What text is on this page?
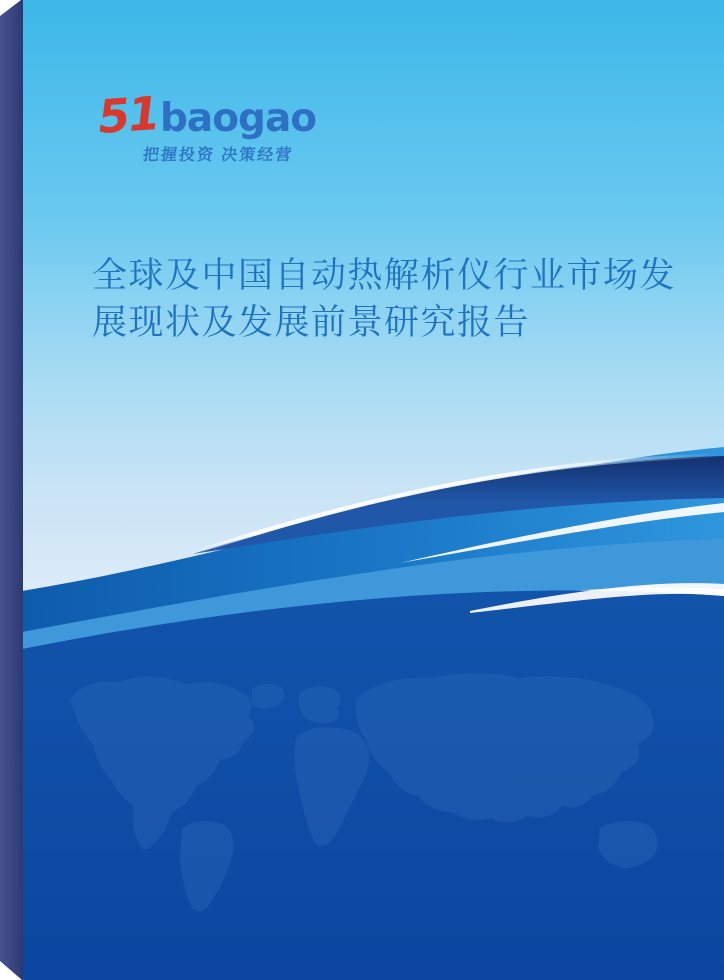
51 baogao
把握投资 决策经营
全球及中国自动热解析仪行业市场发
展现状及发展前景研究报告
